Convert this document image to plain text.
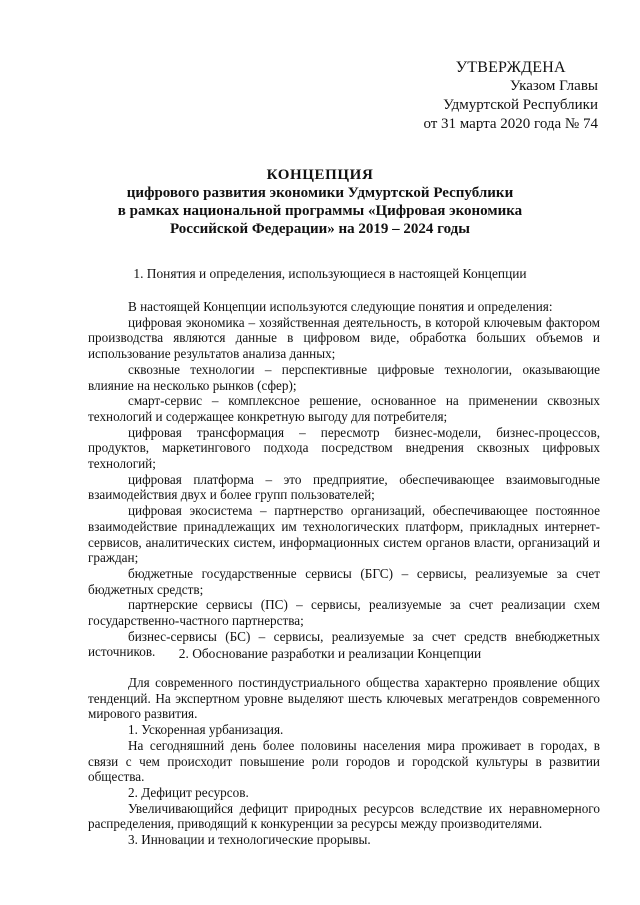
УТВЕРЖДЕНА
Указом Главы
Удмуртской Республики
от 31 марта 2020 года № 74
КОНЦЕПЦИЯ
цифрового развития экономики Удмуртской Республики
в рамках национальной программы «Цифровая экономика
Российской Федерации» на 2019 – 2024 годы
1. Понятия и определения, использующиеся в настоящей Концепции

В настоящей Концепции используются следующие понятия и определения:

цифровая экономика – хозяйственная деятельность, в которой ключевым фактором производства являются данные в цифровом виде, обработка больших объемов и использование результатов анализа данных;

сквозные технологии – перспективные цифровые технологии, оказывающие влияние на несколько рынков (сфер);

смарт-сервис – комплексное решение, основанное на применении сквозных технологий и содержащее конкретную выгоду для потребителя;

цифровая трансформация – пересмотр бизнес-модели, бизнес-процессов, продуктов, маркетингового подхода посредством внедрения сквозных цифровых технологий;

цифровая платформа – это предприятие, обеспечивающее взаимовыгодные взаимодействия двух и более групп пользователей;

цифровая экосистема – партнерство организаций, обеспечивающее постоянное взаимодействие принадлежащих им технологических платформ, прикладных интернет-сервисов, аналитических систем, информационных систем органов власти, организаций и граждан;

бюджетные государственные сервисы (БГС) – сервисы, реализуемые за счет бюджетных средств;

партнерские сервисы (ПС) – сервисы, реализуемые за счет реализации схем государственно-частного партнерства;

бизнес-сервисы (БС) – сервисы, реализуемые за счет средств внебюджетных источников.	2. Обоснование разработки и реализации Концепции

Для современного постиндустриального общества характерно проявление общих тенденций. На экспертном уровне выделяют шесть ключевых мегатрендов современного мирового развития.

1. Ускоренная урбанизация.

На сегодняшний день более половины населения мира проживает в городах, в связи с чем происходит повышение роли городов и городской культуры в развитии общества.

2. Дефицит ресурсов.

Увеличивающийся дефицит природных ресурсов вследствие их неравномерного распределения, приводящий к конкуренции за ресурсы между производителями.

3. Инновации и технологические прорывы.
